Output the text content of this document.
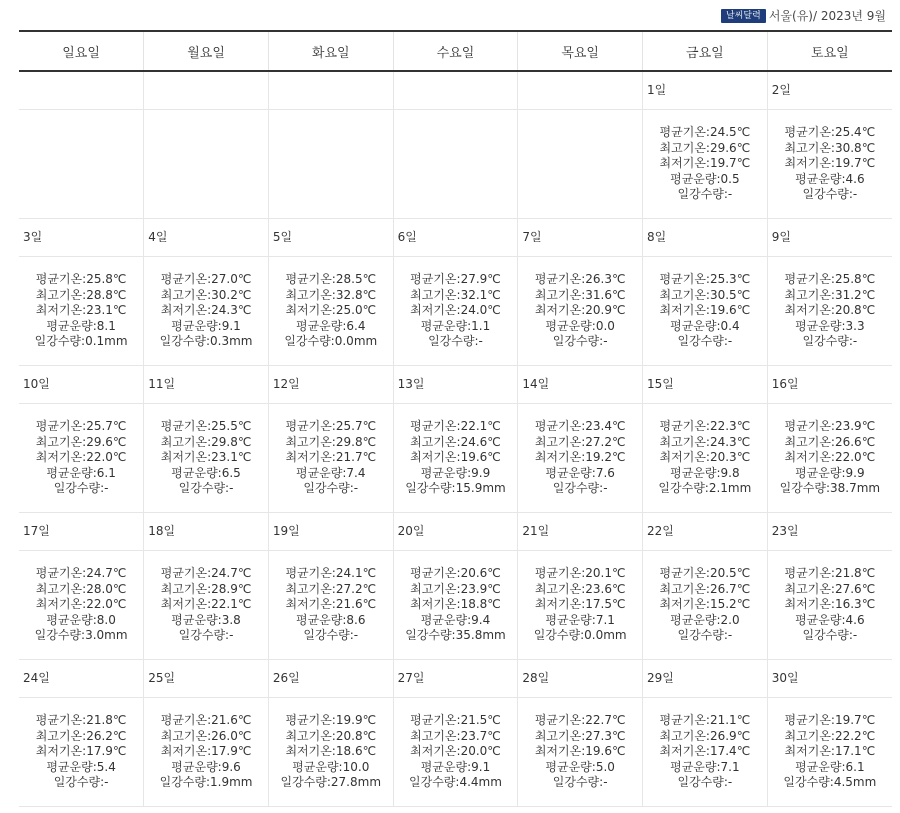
날씨달력 서울(유)/ 2023년 9월
일요일	월요일	화요일	수요일	목요일	금요일	토요일
					1일	2일

					평균기온:24.5℃
최고기온:29.6℃
최저기온:19.7℃
평균운량:0.5
일강수량:-	평균기온:25.4℃
최고기온:30.8℃
최저기온:19.7℃
평균운량:4.6
일강수량:-

3일	4일	5일	6일	7일	8일	9일

평균기온:25.8℃
최고기온:28.8℃
최저기온:23.1℃
평균운량:8.1
일강수량:0.1mm	평균기온:27.0℃
최고기온:30.2℃
최저기온:24.3℃
평균운량:9.1
일강수량:0.3mm	평균기온:28.5℃
최고기온:32.8℃
최저기온:25.0℃
평균운량:6.4
일강수량:0.0mm	평균기온:27.9℃
최고기온:32.1℃
최저기온:24.0℃
평균운량:1.1
일강수량:-	평균기온:26.3℃
최고기온:31.6℃
최저기온:20.9℃
평균운량:0.0
일강수량:-	평균기온:25.3℃
최고기온:30.5℃
최저기온:19.6℃
평균운량:0.4
일강수량:-	평균기온:25.8℃
최고기온:31.2℃
최저기온:20.8℃
평균운량:3.3
일강수량:-

10일	11일	12일	13일	14일	15일	16일

평균기온:25.7℃
최고기온:29.6℃
최저기온:22.0℃
평균운량:6.1
일강수량:-	평균기온:25.5℃
최고기온:29.8℃
최저기온:23.1℃
평균운량:6.5
일강수량:-	평균기온:25.7℃
최고기온:29.8℃
최저기온:21.7℃
평균운량:7.4
일강수량:-	평균기온:22.1℃
최고기온:24.6℃
최저기온:19.6℃
평균운량:9.9
일강수량:15.9mm	평균기온:23.4℃
최고기온:27.2℃
최저기온:19.2℃
평균운량:7.6
일강수량:-	평균기온:22.3℃
최고기온:24.3℃
최저기온:20.3℃
평균운량:9.8
일강수량:2.1mm	평균기온:23.9℃
최고기온:26.6℃
최저기온:22.0℃
평균운량:9.9
일강수량:38.7mm

17일	18일	19일	20일	21일	22일	23일

평균기온:24.7℃
최고기온:28.0℃
최저기온:22.0℃
평균운량:8.0
일강수량:3.0mm	평균기온:24.7℃
최고기온:28.9℃
최저기온:22.1℃
평균운량:3.8
일강수량:-	평균기온:24.1℃
최고기온:27.2℃
최저기온:21.6℃
평균운량:8.6
일강수량:-	평균기온:20.6℃
최고기온:23.9℃
최저기온:18.8℃
평균운량:9.4
일강수량:35.8mm	평균기온:20.1℃
최고기온:23.6℃
최저기온:17.5℃
평균운량:7.1
일강수량:0.0mm	평균기온:20.5℃
최고기온:26.7℃
최저기온:15.2℃
평균운량:2.0
일강수량:-	평균기온:21.8℃
최고기온:27.6℃
최저기온:16.3℃
평균운량:4.6
일강수량:-

24일	25일	26일	27일	28일	29일	30일

평균기온:21.8℃
최고기온:26.2℃
최저기온:17.9℃
평균운량:5.4
일강수량:-	평균기온:21.6℃
최고기온:26.0℃
최저기온:17.9℃
평균운량:9.6
일강수량:1.9mm	평균기온:19.9℃
최고기온:20.8℃
최저기온:18.6℃
평균운량:10.0
일강수량:27.8mm	평균기온:21.5℃
최고기온:23.7℃
최저기온:20.0℃
평균운량:9.1
일강수량:4.4mm	평균기온:22.7℃
최고기온:27.3℃
최저기온:19.6℃
평균운량:5.0
일강수량:-	평균기온:21.1℃
최고기온:26.9℃
최저기온:17.4℃
평균운량:7.1
일강수량:-	평균기온:19.7℃
최고기온:22.2℃
최저기온:17.1℃
평균운량:6.1
일강수량:4.5mm
